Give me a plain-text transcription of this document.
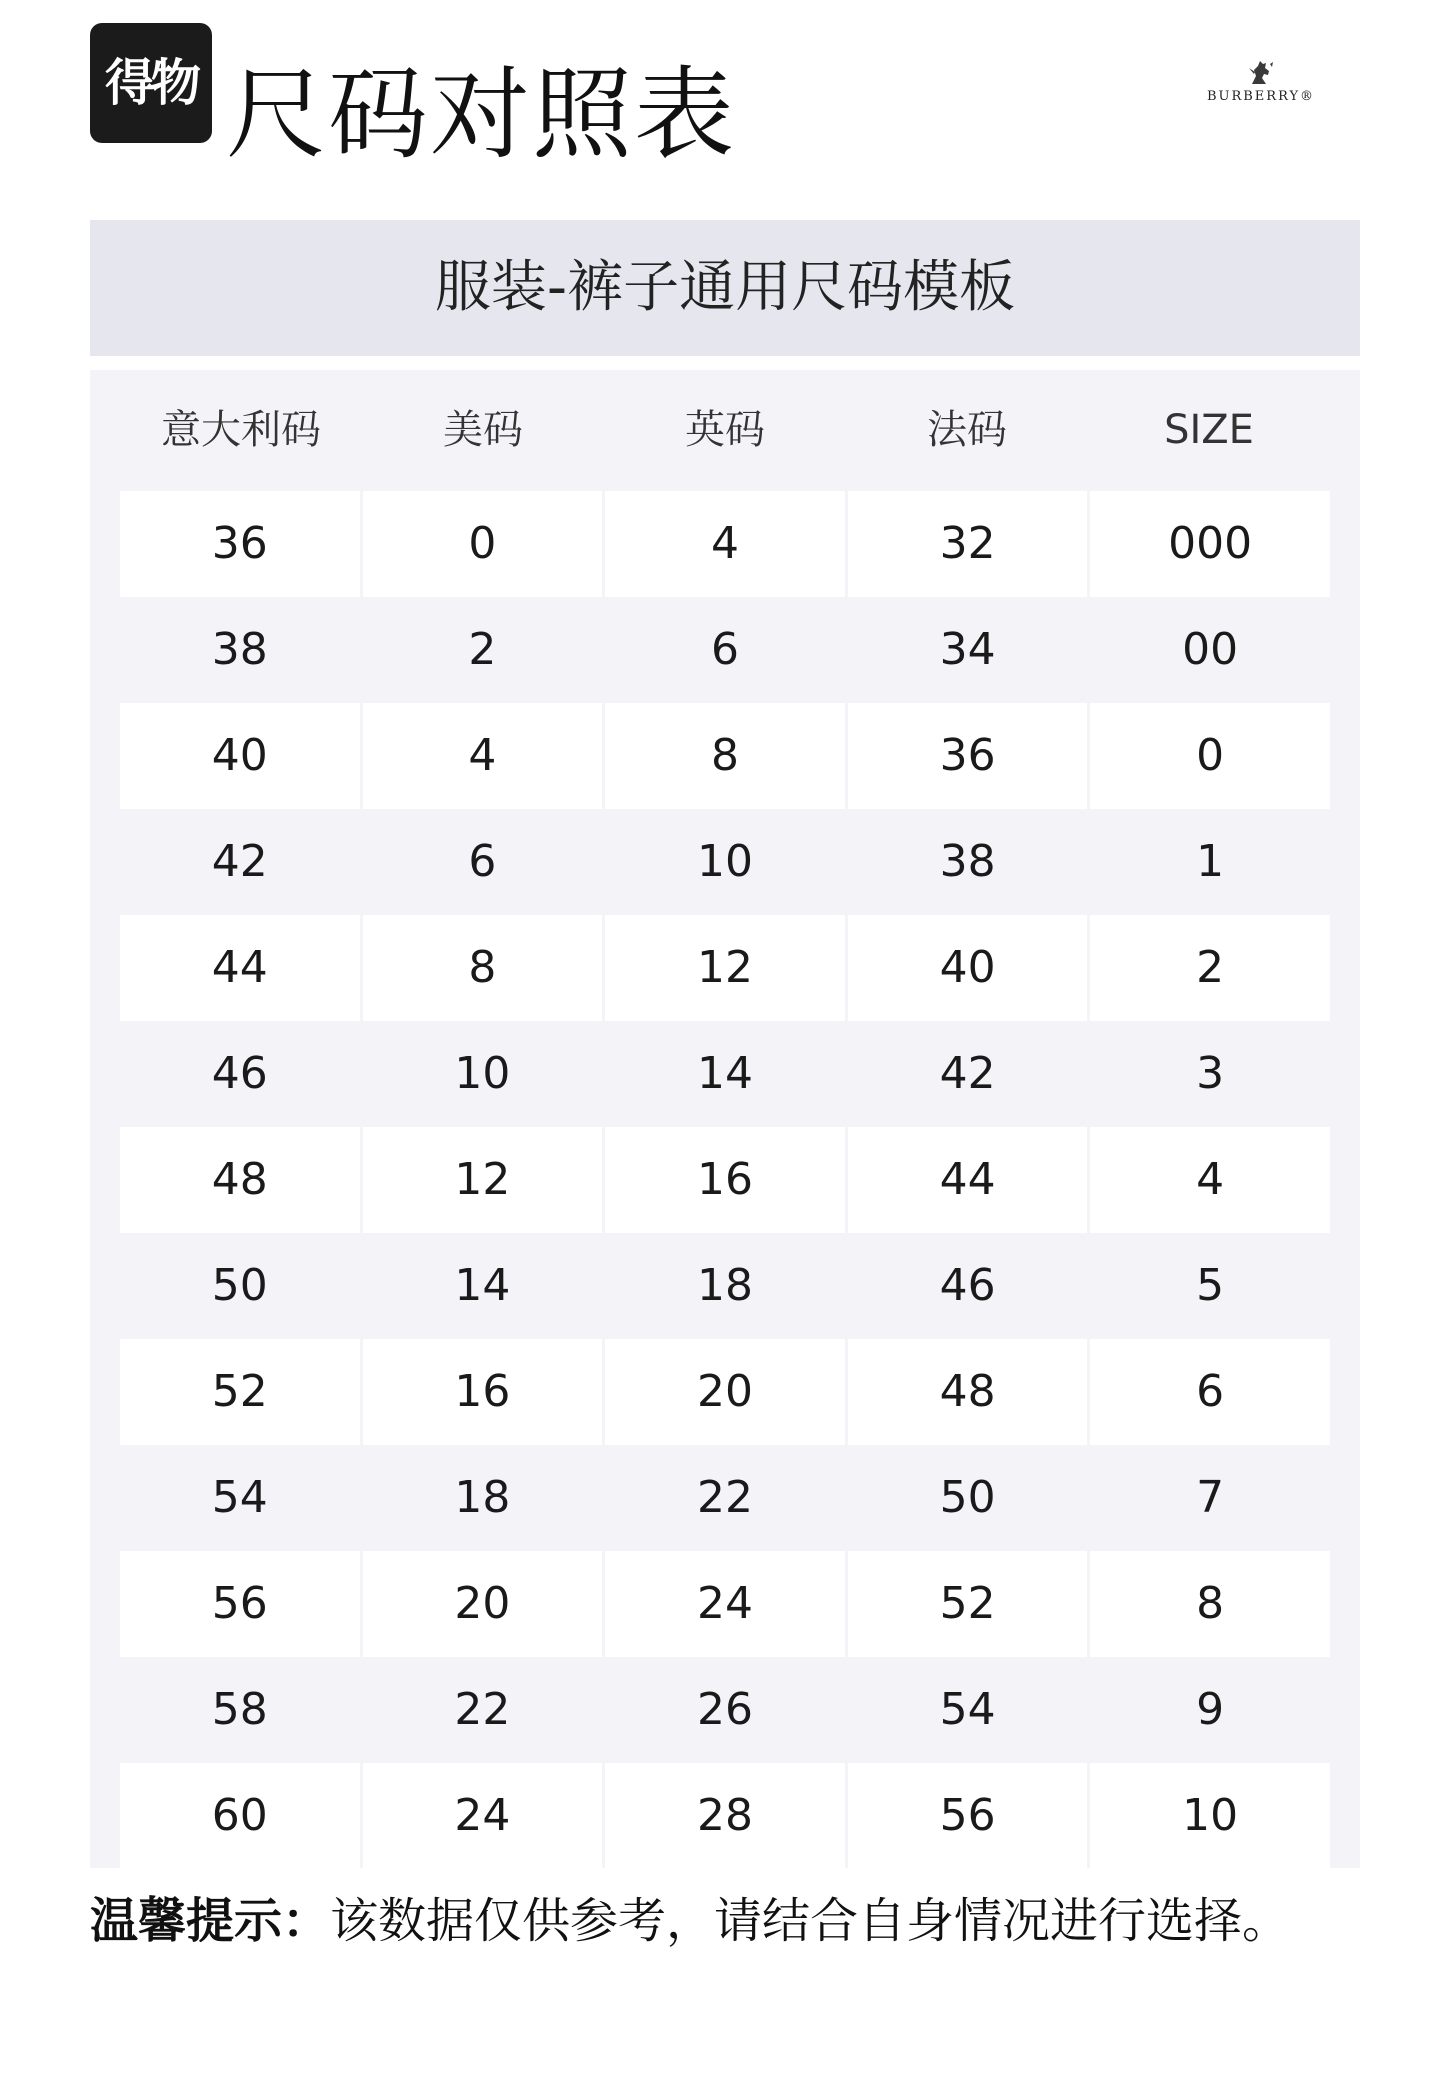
得物 尺码对照表	BURBERRY®
服装-裤子通用尺码模板
意大利码	美码	英码	法码	SIZE
36	0	4	32	000
38	2	6	34	00
40	4	8	36	0
42	6	10	38	1
44	8	12	40	2
46	10	14	42	3
48	12	16	44	4
50	14	18	46	5
52	16	20	48	6
54	18	22	50	7
56	20	24	52	8
58	22	26	54	9
60	24	28	56	10
温馨提示：该数据仅供参考，请结合自身情况进行选择。
